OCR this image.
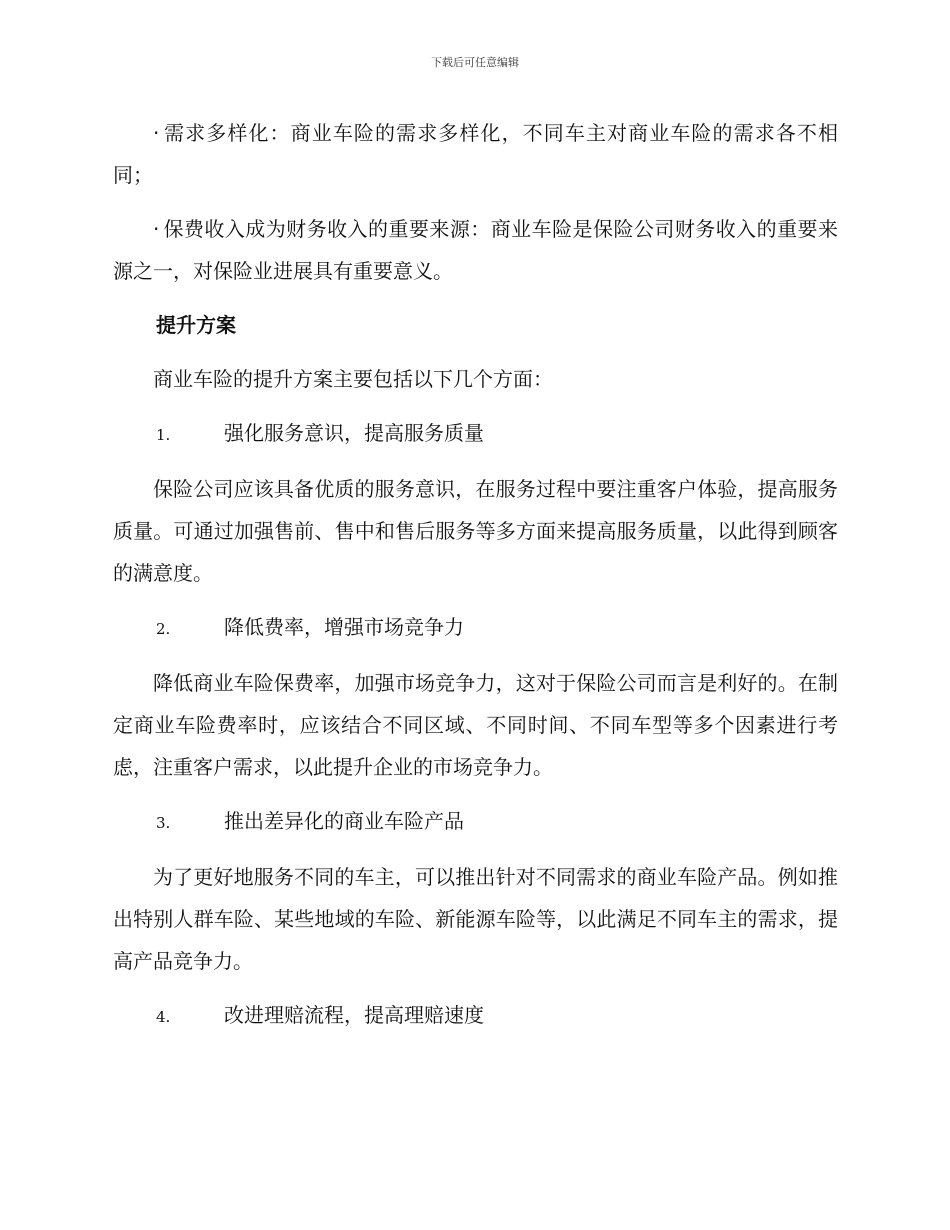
下载后可任意编辑

· 需求多样化：商业车险的需求多样化，不同车主对商业车险的需求各不相同；

· 保费收入成为财务收入的重要来源：商业车险是保险公司财务收入的重要来源之一，对保险业进展具有重要意义。

提升方案

商业车险的提升方案主要包括以下几个方面：

1.	强化服务意识，提高服务质量

保险公司应该具备优质的服务意识，在服务过程中要注重客户体验，提高服务质量。可通过加强售前、售中和售后服务等多方面来提高服务质量，以此得到顾客的满意度。

2.	降低费率，增强市场竞争力

降低商业车险保费率，加强市场竞争力，这对于保险公司而言是利好的。在制定商业车险费率时，应该结合不同区域、不同时间、不同车型等多个因素进行考虑，注重客户需求，以此提升企业的市场竞争力。

3.	推出差异化的商业车险产品

为了更好地服务不同的车主，可以推出针对不同需求的商业车险产品。例如推出特别人群车险、某些地域的车险、新能源车险等，以此满足不同车主的需求，提高产品竞争力。

4.	改进理赔流程，提高理赔速度
